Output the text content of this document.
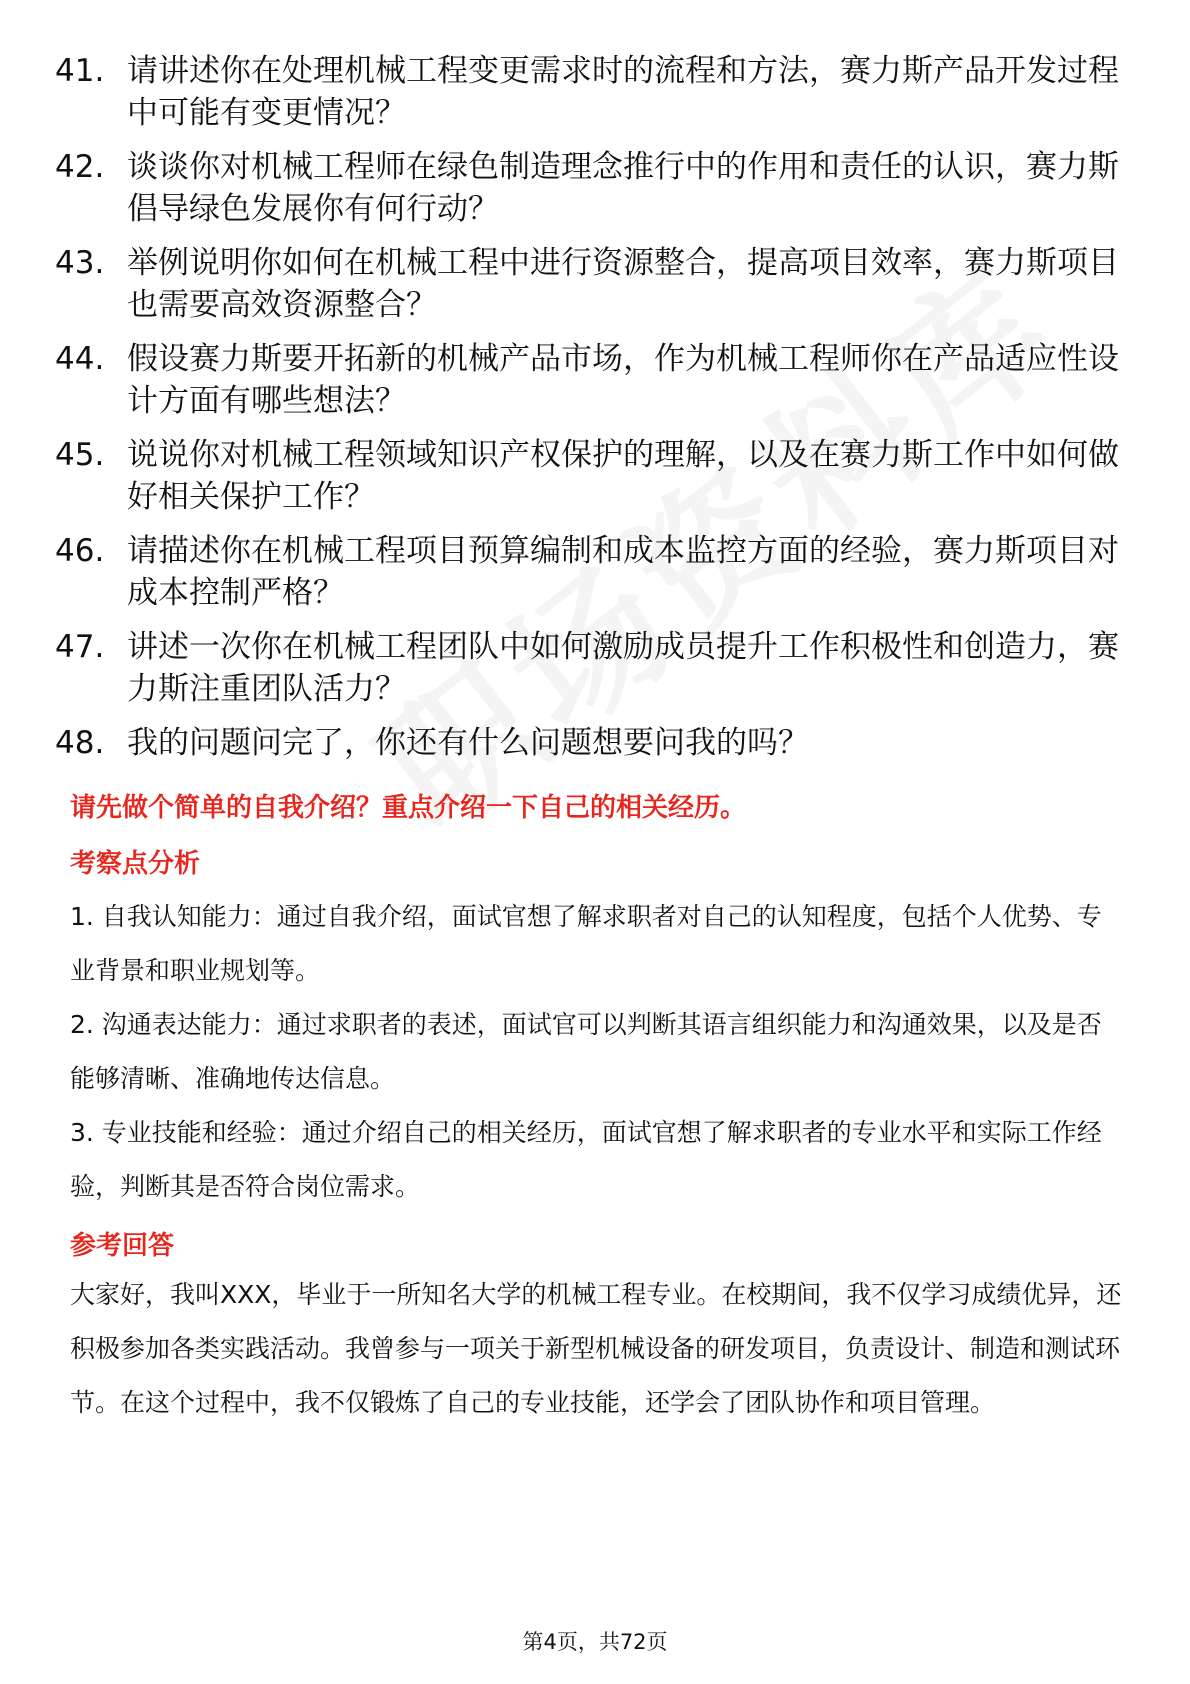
41. 请讲述你在处理机械工程变更需求时的流程和方法，赛力斯产品开发过程中可能有变更情况？
42. 谈谈你对机械工程师在绿色制造理念推行中的作用和责任的认识，赛力斯倡导绿色发展你有何行动？
43. 举例说明你如何在机械工程中进行资源整合，提高项目效率，赛力斯项目也需要高效资源整合？
44. 假设赛力斯要开拓新的机械产品市场，作为机械工程师你在产品适应性设计方面有哪些想法？
45. 说说你对机械工程领域知识产权保护的理解，以及在赛力斯工作中如何做好相关保护工作？
46. 请描述你在机械工程项目预算编制和成本监控方面的经验，赛力斯项目对成本控制严格？
47. 讲述一次你在机械工程团队中如何激励成员提升工作积极性和创造力，赛力斯注重团队活力？
48. 我的问题问完了，你还有什么问题想要问我的吗？
请先做个简单的自我介绍？重点介绍一下自己的相关经历。
考察点分析
1. 自我认知能力：通过自我介绍，面试官想了解求职者对自己的认知程度，包括个人优势、专业背景和职业规划等。
2. 沟通表达能力：通过求职者的表述，面试官可以判断其语言组织能力和沟通效果，以及是否能够清晰、准确地传达信息。
3. 专业技能和经验：通过介绍自己的相关经历，面试官想了解求职者的专业水平和实际工作经验，判断其是否符合岗位需求。
参考回答
大家好，我叫XXX，毕业于一所知名大学的机械工程专业。在校期间，我不仅学习成绩优异，还积极参加各类实践活动。我曾参与一项关于新型机械设备的研发项目，负责设计、制造和测试环节。在这个过程中，我不仅锻炼了自己的专业技能，还学会了团队协作和项目管理。
第4页，共72页
